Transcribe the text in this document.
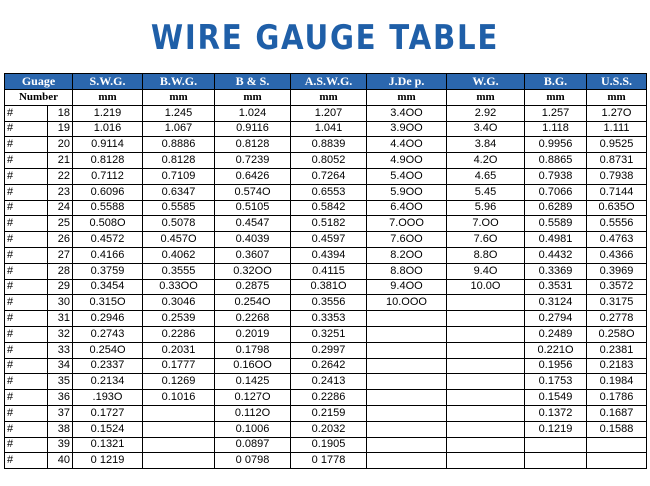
WIRE GAUGE TABLE
Guage		S.W.G.	B.W.G.	B & S.	A.S.W.G.	J.De p.	W.G.	B.G.	U.S.S.
Number		mm	mm	mm	mm	mm	mm	mm	mm
#	18	1.219	1.245	1.024	1.207	3.4OO	2.92	1.257	1.27O
#	19	1.016	1.067	0.9116	1.041	3.9OO	3.4O	1.118	1.111
#	20	0.9114	0.8886	0.8128	0.8839	4.4OO	3.84	0.9956	0.9525
#	21	0.8128	0.8128	0.7239	0.8052	4.9OO	4.2O	0.8865	0.8731
#	22	0.7112	0.7109	0.6426	0.7264	5.4OO	4.65	0.7938	0.7938
#	23	0.6096	0.6347	0.574O	0.6553	5.9OO	5.45	0.7066	0.7144
#	24	0.5588	0.5585	0.5105	0.5842	6.4OO	5.96	0.6289	0.635O
#	25	0.508O	0.5078	0.4547	0.5182	7.OOO	7.OO	0.5589	0.5556
#	26	0.4572	0.457O	0.4039	0.4597	7.6OO	7.6O	0.4981	0.4763
#	27	0.4166	0.4062	0.3607	0.4394	8.2OO	8.8O	0.4432	0.4366
#	28	0.3759	0.3555	0.32OO	0.4115	8.8OO	9.4O	0.3369	0.3969
#	29	0.3454	0.33OO	0.2875	0.381O	9.4OO	10.0O	0.3531	0.3572
#	30	0.315O	0.3046	0.254O	0.3556	10.OOO		0.3124	0.3175
#	31	0.2946	0.2539	0.2268	0.3353			0.2794	0.2778
#	32	0.2743	0.2286	0.2019	0.3251			0.2489	0.258O
#	33	0.254O	0.2031	0.1798	0.2997			0.221O	0.2381
#	34	0.2337	0.1777	0.16OO	0.2642			0.1956	0.2183
#	35	0.2134	0.1269	0.1425	0.2413			0.1753	0.1984
#	36	.193O	0.1016	0.127O	0.2286			0.1549	0.1786
#	37	0.1727		0.112O	0.2159			0.1372	0.1687
#	38	0.1524		0.1006	0.2032			0.1219	0.1588
#	39	0.1321		0.0897	0.1905				
#	40	0 1219		0 0798	0 1778				
